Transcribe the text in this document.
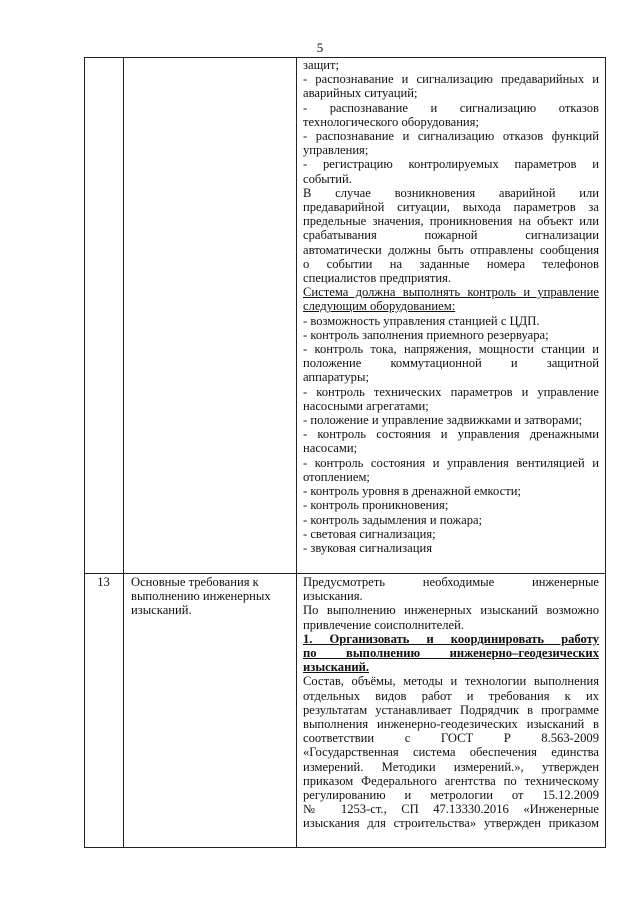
5

защит;

- распознавание и сигнализацию предаварийных и

аварийных ситуаций;

- распознавание и сигнализацию отказов

технологического оборудования;

- распознавание и сигнализацию отказов функций

управления;

- регистрацию контролируемых параметров и

событий.

В случае возникновения аварийной или

предаварийной ситуации, выхода параметров за

предельные значения, проникновения на объект или

срабатывания пожарной сигнализации

автоматически должны быть отправлены сообщения

о событии на заданные номера телефонов

специалистов предприятия.

Система должна выполнять контроль и управление

следующим оборудованием:

- возможность управления станцией с ЦДП.

- контроль заполнения приемного резервуара;

- контроль тока, напряжения, мощности станции и

положение коммутационной и защитной

аппаратуры;

- контроль технических параметров и управление

насосными агрегатами;

- положение и управление задвижками и затворами;

- контроль состояния и управления дренажными

насосами;

- контроль состояния и управления вентиляцией и

отоплением;

- контроль уровня в дренажной емкости;

- контроль проникновения;

- контроль задымления и пожара;

- световая сигнализация;

- звуковая сигнализация

13	Основные требования к

выполнению инженерных

изысканий.

Предусмотреть необходимые инженерные

изыскания.

По выполнению инженерных изысканий возможно

привлечение соисполнителей.

1. Организовать и координировать работу

по выполнению инженерно–геодезических

изысканий.

Состав, объёмы, методы и технологии выполнения

отдельных видов работ и требования к их

результатам устанавливает Подрядчик в программе

выполнения инженерно-геодезических изысканий в

соответствии с ГОСТ Р 8.563-2009

«Государственная система обеспечения единства

измерений. Методики измерений.», утвержден

приказом Федерального агентства по техническому

регулированию и метрологии от 15.12.2009

№ 1253-ст., СП 47.13330.2016 «Инженерные

изыскания для строительства» утвержден приказом
